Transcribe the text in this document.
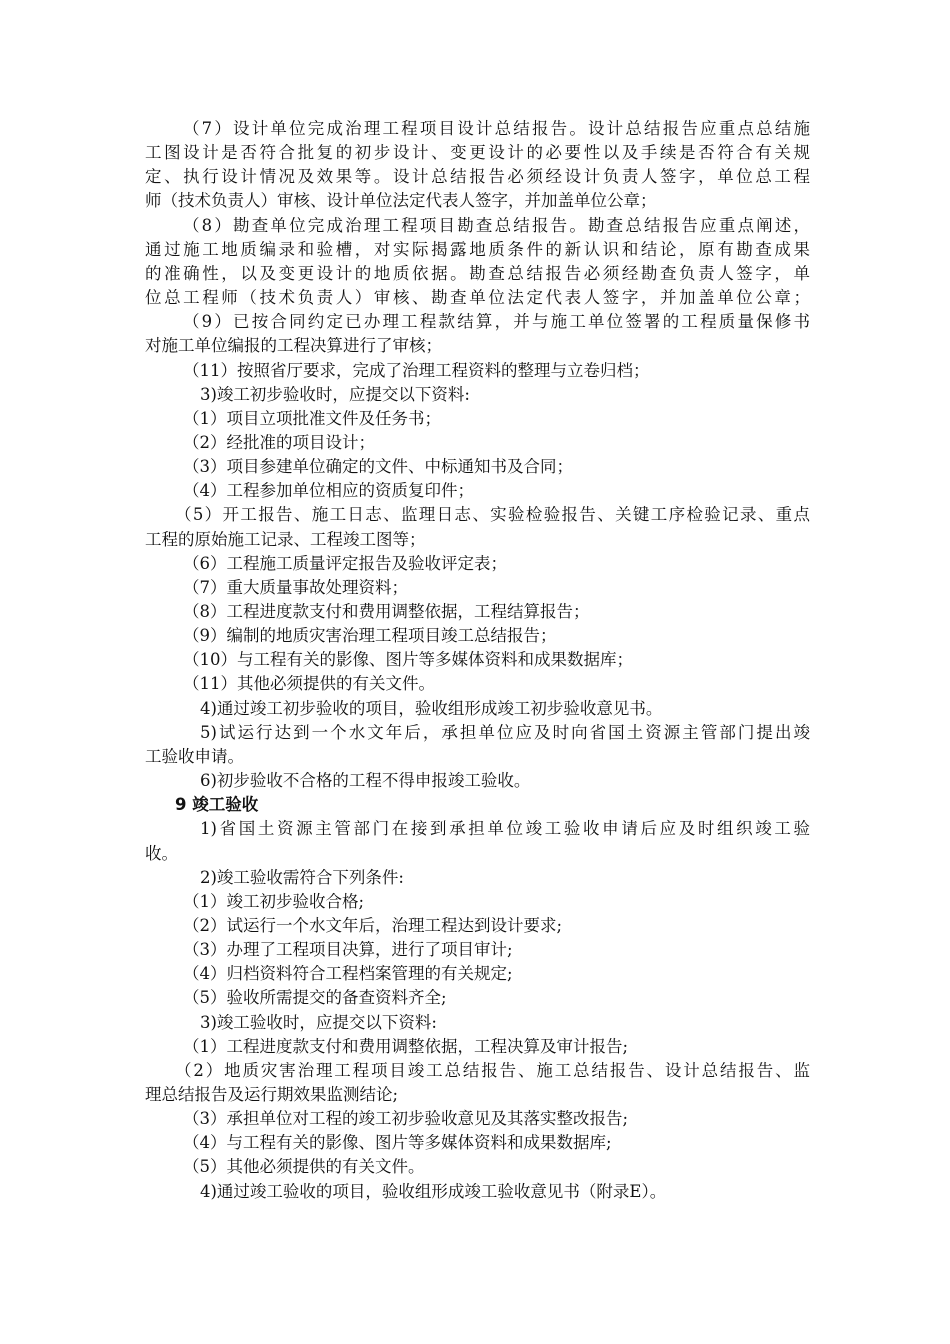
（7）设计单位完成治理工程项目设计总结报告。设计总结报告应重点总结施
工图设计是否符合批复的初步设计、变更设计的必要性以及手续是否符合有关规
定、执行设计情况及效果等。设计总结报告必须经设计负责人签字，单位总工程
师（技术负责人）审核、设计单位法定代表人签字，并加盖单位公章；
（8）勘查单位完成治理工程项目勘查总结报告。勘查总结报告应重点阐述，
通过施工地质编录和验槽，对实际揭露地质条件的新认识和结论，原有勘查成果
的准确性，以及变更设计的地质依据。勘查总结报告必须经勘查负责人签字，单
位总工程师（技术负责人）审核、勘查单位法定代表人签字，并加盖单位公章；
（9）已按合同约定已办理工程款结算，并与施工单位签署的工程质量保修书
对施工单位编报的工程决算进行了审核；
（11）按照省厅要求，完成了治理工程资料的整理与立卷归档；
3)竣工初步验收时，应提交以下资料:
（1）项目立项批准文件及任务书；
（2）经批准的项目设计；
（3）项目参建单位确定的文件、中标通知书及合同；
（4）工程参加单位相应的资质复印件；
（5）开工报告、施工日志、监理日志、实验检验报告、关键工序检验记录、重点
工程的原始施工记录、工程竣工图等；
（6）工程施工质量评定报告及验收评定表；
（7）重大质量事故处理资料；
（8）工程进度款支付和费用调整依据，工程结算报告；
（9）编制的地质灾害治理工程项目竣工总结报告；
（10）与工程有关的影像、图片等多媒体资料和成果数据库；
（11）其他必须提供的有关文件。
4)通过竣工初步验收的项目，验收组形成竣工初步验收意见书。
5)试运行达到一个水文年后，承担单位应及时向省国土资源主管部门提出竣
工验收申请。
6)初步验收不合格的工程不得申报竣工验收。
9 竣工验收
1)省国土资源主管部门在接到承担单位竣工验收申请后应及时组织竣工验
收。
2)竣工验收需符合下列条件:
（1）竣工初步验收合格;
（2）试运行一个水文年后，治理工程达到设计要求;
（3）办理了工程项目决算，进行了项目审计;
（4）归档资料符合工程档案管理的有关规定;
（5）验收所需提交的备查资料齐全;
3)竣工验收时，应提交以下资料:
（1）工程进度款支付和费用调整依据，工程决算及审计报告;
（2）地质灾害治理工程项目竣工总结报告、施工总结报告、设计总结报告、监
理总结报告及运行期效果监测结论;
（3）承担单位对工程的竣工初步验收意见及其落实整改报告;
（4）与工程有关的影像、图片等多媒体资料和成果数据库;
（5）其他必须提供的有关文件。
4)通过竣工验收的项目，验收组形成竣工验收意见书（附录E）。
